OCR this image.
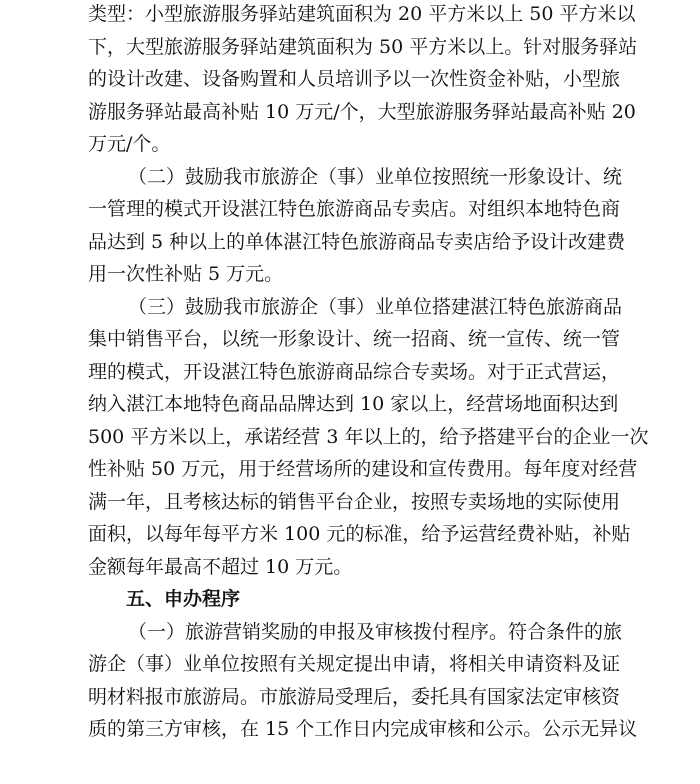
类型：小型旅游服务驿站建筑面积为 20 平方米以上 50 平方米以
下，大型旅游服务驿站建筑面积为 50 平方米以上。针对服务驿站
的设计改建、设备购置和人员培训予以一次性资金补贴，小型旅
游服务驿站最高补贴 10 万元/个，大型旅游服务驿站最高补贴 20
万元/个。
（二）鼓励我市旅游企（事）业单位按照统一形象设计、统
一管理的模式开设湛江特色旅游商品专卖店。对组织本地特色商
品达到 5 种以上的单体湛江特色旅游商品专卖店给予设计改建费
用一次性补贴 5 万元。
（三）鼓励我市旅游企（事）业单位搭建湛江特色旅游商品
集中销售平台，以统一形象设计、统一招商、统一宣传、统一管
理的模式，开设湛江特色旅游商品综合专卖场。对于正式营运，
纳入湛江本地特色商品品牌达到 10 家以上，经营场地面积达到
500 平方米以上，承诺经营 3 年以上的，给予搭建平台的企业一次
性补贴 50 万元，用于经营场所的建设和宣传费用。每年度对经营
满一年，且考核达标的销售平台企业，按照专卖场地的实际使用
面积，以每年每平方米 100 元的标准，给予运营经费补贴，补贴
金额每年最高不超过 10 万元。
五、申办程序
（一）旅游营销奖励的申报及审核拨付程序。符合条件的旅
游企（事）业单位按照有关规定提出申请，将相关申请资料及证
明材料报市旅游局。市旅游局受理后，委托具有国家法定审核资
质的第三方审核，在 15 个工作日内完成审核和公示。公示无异议
